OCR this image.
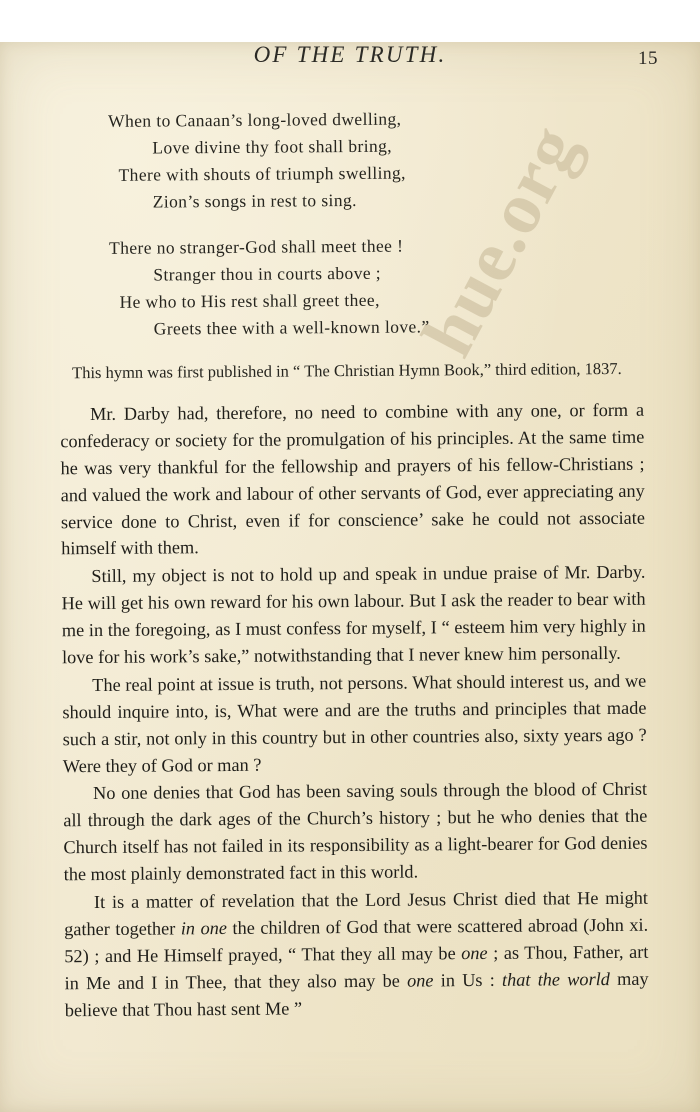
hue.org
OF THE TRUTH.	15
When to Canaan’s long-loved dwelling,
Love divine thy foot shall bring,
There with shouts of triumph swelling,
Zion’s songs in rest to sing.
There no stranger-God shall meet thee !
Stranger thou in courts above ;
He who to His rest shall greet thee,
Greets thee with a well-known love.”
This hymn was first published in “ The Christian Hymn Book,” third edition, 1837.

Mr. Darby had, therefore, no need to combine with any one, or form a confederacy or society for the promulgation of his principles. At the same time he was very thankful for the fellowship and prayers of his fellow-Christians ; and valued the work and labour of other servants of God, ever appreciating any service done to Christ, even if for conscience’ sake he could not associate himself with them.

Still, my object is not to hold up and speak in undue praise of Mr. Darby. He will get his own reward for his own labour. But I ask the reader to bear with me in the foregoing, as I must confess for myself, I “ esteem him very highly in love for his work’s sake,” notwithstanding that I never knew him personally.

The real point at issue is truth, not persons. What should interest us, and we should inquire into, is, What were and are the truths and principles that made such a stir, not only in this country but in other countries also, sixty years ago ? Were they of God or man ?

No one denies that God has been saving souls through the blood of Christ all through the dark ages of the Church’s history ; but he who denies that the Church itself has not failed in its responsibility as a light-bearer for God denies the most plainly demonstrated fact in this world.

It is a matter of revelation that the Lord Jesus Christ died that He might gather together in one the children of God that were scattered abroad (John xi. 52) ; and He Himself prayed, “ That they all may be one ; as Thou, Father, art in Me and I in Thee, that they also may be one in Us : that the world may believe that Thou hast sent Me ”
